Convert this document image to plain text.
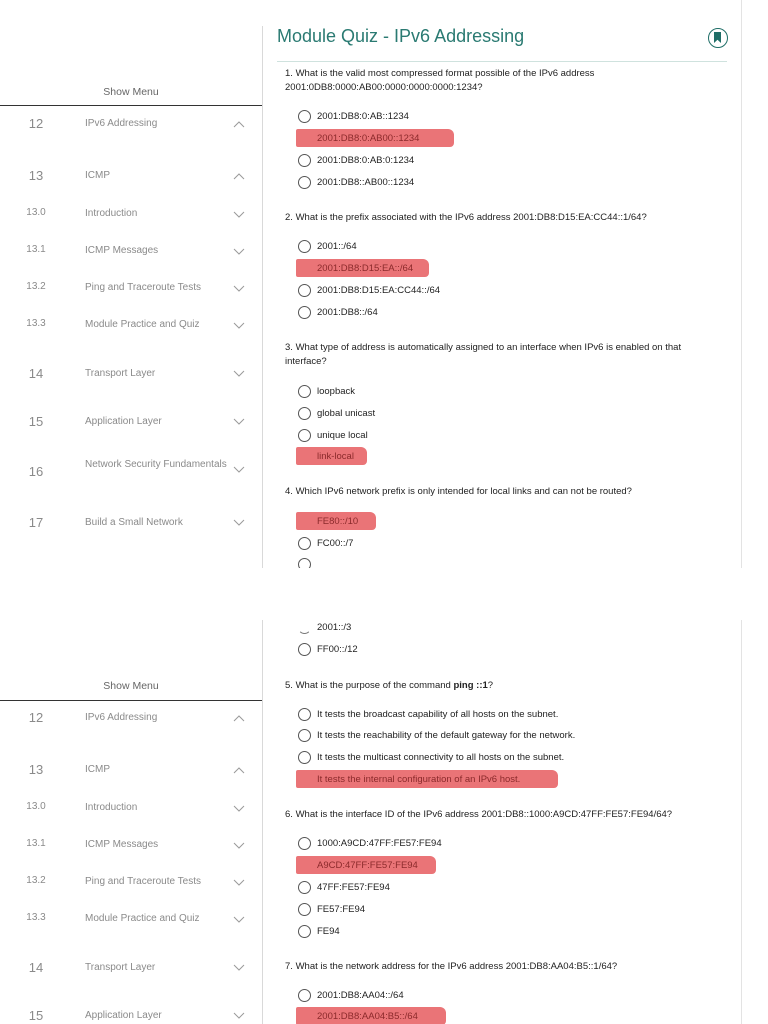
Show Menu
12	IPv6 Addressing
13	ICMP
13.0	Introduction
13.1	ICMP Messages
13.2	Ping and Traceroute Tests
13.3	Module Practice and Quiz
14	Transport Layer
15	Application Layer
16	Network Security Fundamentals
17	Build a Small Network
Module Quiz - IPv6 Addressing
1. What is the valid most compressed format possible of the IPv6 address 2001:0DB8:0000:AB00:0000:0000:0000:1234?
2001:DB8:0:AB::1234
2001:DB8:0:AB00::1234
2001:DB8:0:AB:0:1234
2001:DB8::AB00::1234
2. What is the prefix associated with the IPv6 address 2001:DB8:D15:EA:CC44::1/64?
2001::/64
2001:DB8:D15:EA::/64
2001:DB8:D15:EA:CC44::/64
2001:DB8::/64
3. What type of address is automatically assigned to an interface when IPv6 is enabled on that interface?
loopback
global unicast
unique local
link-local
4. Which IPv6 network prefix is only intended for local links and can not be routed?
FE80::/10
FC00::/7
Show Menu
12	IPv6 Addressing
13	ICMP
13.0	Introduction
13.1	ICMP Messages
13.2	Ping and Traceroute Tests
13.3	Module Practice and Quiz
14	Transport Layer
15	Application Layer
2001::/3
FF00::/12
5. What is the purpose of the command ping ::1?
It tests the broadcast capability of all hosts on the subnet.
It tests the reachability of the default gateway for the network.
It tests the multicast connectivity to all hosts on the subnet.
It tests the internal configuration of an IPv6 host.
6. What is the interface ID of the IPv6 address 2001:DB8::1000:A9CD:47FF:FE57:FE94/64?
1000:A9CD:47FF:FE57:FE94
A9CD:47FF:FE57:FE94
47FF:FE57:FE94
FE57:FE94
FE94
7. What is the network address for the IPv6 address 2001:DB8:AA04:B5::1/64?
2001:DB8:AA04::/64
2001:DB8:AA04:B5::/64
